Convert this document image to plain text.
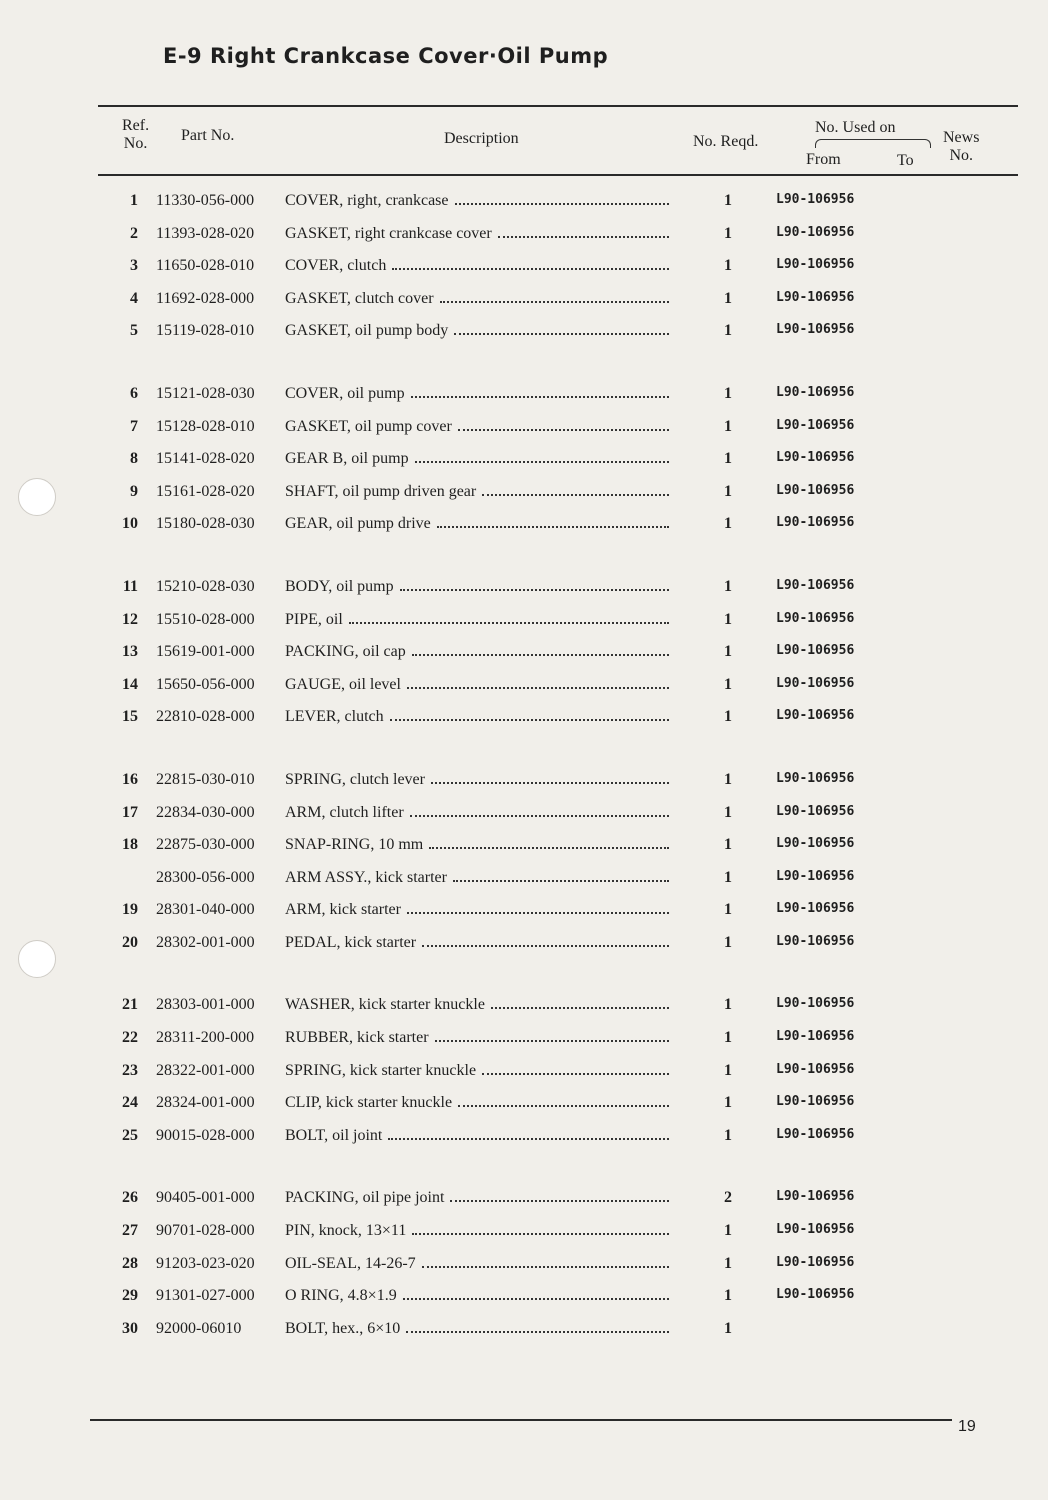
E-9 Right Crankcase Cover·Oil Pump
Ref.
No. Part No.	Description	No. Reqd.
No. Used on
From	To
News
No.
1 11330-056-000 COVER, right, crankcase	1	L90-106956
2 11393-028-020 GASKET, right crankcase cover	1	L90-106956
3 11650-028-010 COVER, clutch	1	L90-106956
4 11692-028-000 GASKET, clutch cover	1	L90-106956
5 15119-028-010 GASKET, oil pump body	1	L90-106956
6 15121-028-030 COVER, oil pump	1	L90-106956
7 15128-028-010 GASKET, oil pump cover	1	L90-106956
8 15141-028-020 GEAR B, oil pump	1	L90-106956
9 15161-028-020 SHAFT, oil pump driven gear	1	L90-106956
10 15180-028-030 GEAR, oil pump drive	1	L90-106956
11 15210-028-030 BODY, oil pump	1	L90-106956
12 15510-028-000 PIPE, oil	1	L90-106956
13 15619-001-000 PACKING, oil cap	1	L90-106956
14 15650-056-000 GAUGE, oil level	1	L90-106956
15 22810-028-000 LEVER, clutch	1	L90-106956
16 22815-030-010 SPRING, clutch lever	1	L90-106956
17 22834-030-000 ARM, clutch lifter	1	L90-106956
18 22875-030-000 SNAP-RING, 10 mm	1	L90-106956
28300-056-000 ARM ASSY., kick starter	1	L90-106956
19 28301-040-000 ARM, kick starter	1	L90-106956
20 28302-001-000 PEDAL, kick starter	1	L90-106956
21 28303-001-000 WASHER, kick starter knuckle	1	L90-106956
22 28311-200-000 RUBBER, kick starter	1	L90-106956
23 28322-001-000 SPRING, kick starter knuckle	1	L90-106956
24 28324-001-000 CLIP, kick starter knuckle	1	L90-106956
25 90015-028-000 BOLT, oil joint	1	L90-106956
26 90405-001-000 PACKING, oil pipe joint	2	L90-106956
27 90701-028-000 PIN, knock, 13×11	1	L90-106956
28 91203-023-020 OIL-SEAL, 14-26-7	1	L90-106956
29 91301-027-000 O RING, 4.8×1.9	1	L90-106956
30 92000-06010	BOLT, hex., 6×10	1
19
